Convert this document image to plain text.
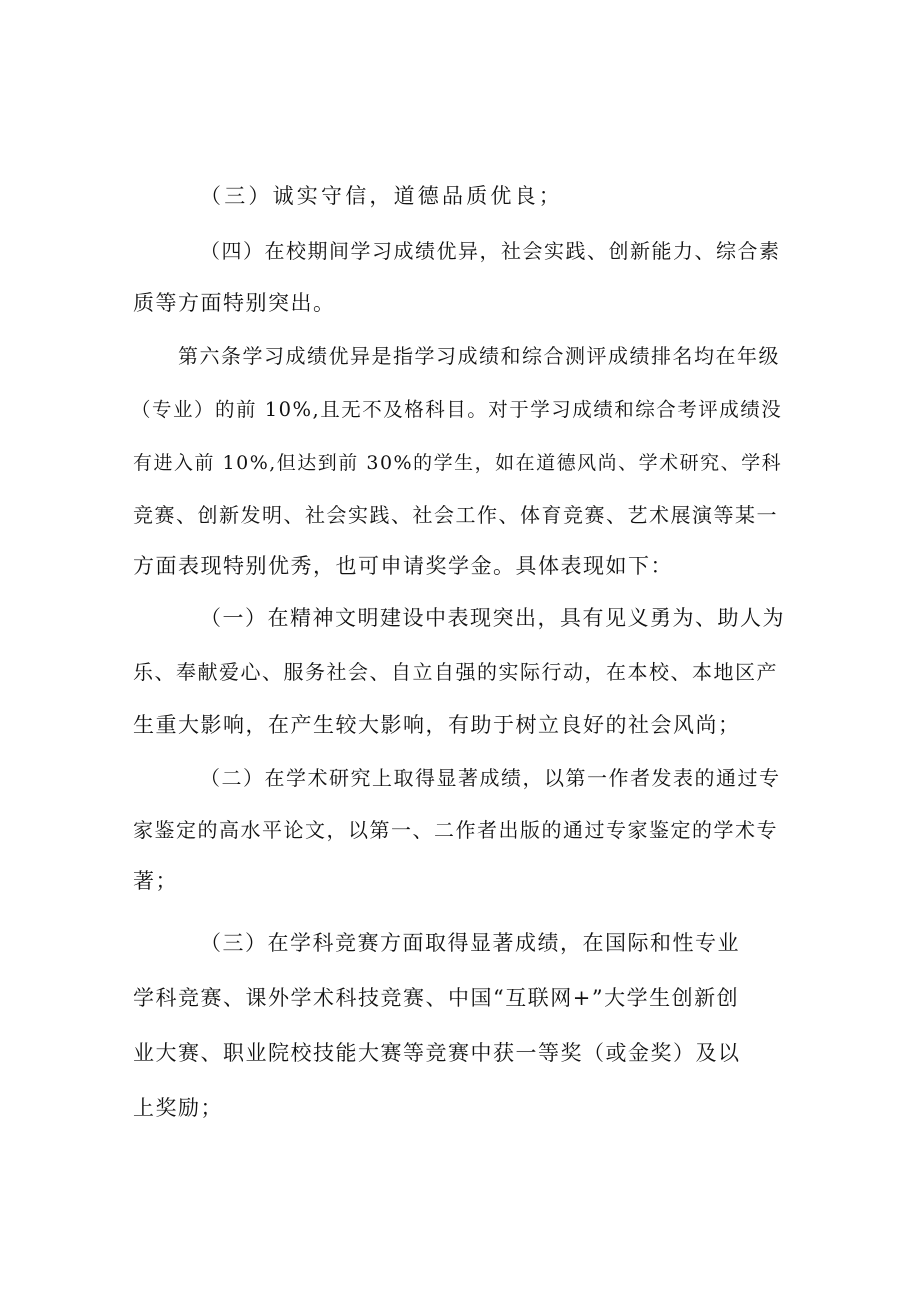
（三）诚实守信，道德品质优良；
（四）在校期间学习成绩优异，社会实践、创新能力、综合素
质等方面特别突出。
第六条学习成绩优异是指学习成绩和综合测评成绩排名均在年级
（专业）的前 10%,且无不及格科目。对于学习成绩和综合考评成绩没
有进入前 10%,但达到前 30%的学生，如在道德风尚、学术研究、学科
竞赛、创新发明、社会实践、社会工作、体育竞赛、艺术展演等某一
方面表现特别优秀，也可申请奖学金。具体表现如下：
（一）在精神文明建设中表现突出，具有见义勇为、助人为
乐、奉献爱心、服务社会、自立自强的实际行动，在本校、本地区产
生重大影响，在产生较大影响，有助于树立良好的社会风尚；
（二）在学术研究上取得显著成绩，以第一作者发表的通过专
家鉴定的高水平论文，以第一、二作者出版的通过专家鉴定的学术专
著；
（三）在学科竞赛方面取得显著成绩，在国际和性专业
学科竞赛、课外学术科技竞赛、中国“互联网+”大学生创新创
业大赛、职业院校技能大赛等竞赛中获一等奖（或金奖）及以
上奖励；
